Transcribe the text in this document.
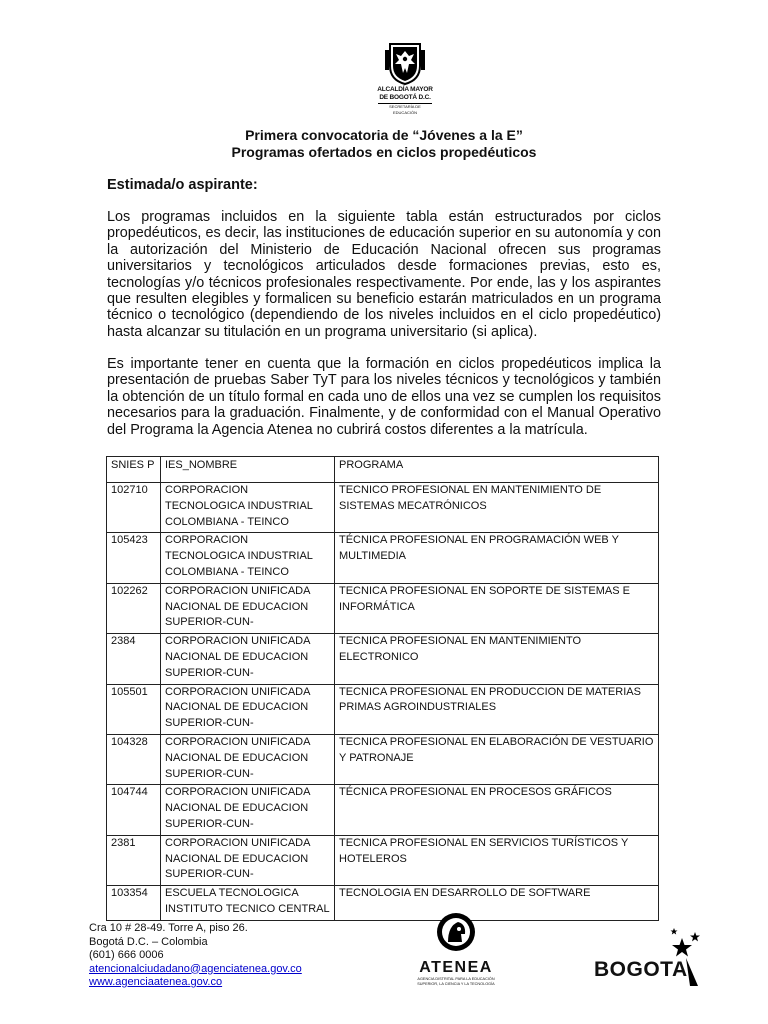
ALCALDÍA MAYOR
DE BOGOTÁ D.C.
SECRETARÍA DE EDUCACIÓN
Primera convocatoria de “Jóvenes a la E”
Programas ofertados en ciclos propedéuticos
Estimada/o aspirante:

Los programas incluidos en la siguiente tabla están estructurados por ciclos propedéuticos, es decir, las instituciones de educación superior en su autonomía y con la autorización del Ministerio de Educación Nacional ofrecen sus programas universitarios y tecnológicos articulados desde formaciones previas, esto es, tecnologías y/o técnicos profesionales respectivamente. Por ende, las y los aspirantes que resulten elegibles y formalicen su beneficio estarán matriculados en un programa técnico o tecnológico (dependiendo de los niveles incluidos en el ciclo propedéutico) hasta alcanzar su titulación en un programa universitario (si aplica).

Es importante tener en cuenta que la formación en ciclos propedéuticos implica la presentación de pruebas Saber TyT para los niveles técnicos y tecnológicos y también la obtención de un título formal en cada uno de ellos una vez se cumplen los requisitos necesarios para la graduación. Finalmente, y de conformidad con el Manual Operativo del Programa la Agencia Atenea no cubrirá costos diferentes a la matrícula.

SNIES P	IES_NOMBRE	PROGRAMA
102710	CORPORACION TECNOLOGICA INDUSTRIAL COLOMBIANA - TEINCO	TECNICO PROFESIONAL EN MANTENIMIENTO DE SISTEMAS MECATRÓNICOS
105423	CORPORACION TECNOLOGICA INDUSTRIAL COLOMBIANA - TEINCO	TÉCNICA PROFESIONAL EN PROGRAMACIÓN WEB Y MULTIMEDIA
102262	CORPORACION UNIFICADA NACIONAL DE EDUCACION SUPERIOR-CUN-	TECNICA PROFESIONAL EN SOPORTE DE SISTEMAS E INFORMÁTICA
2384	CORPORACION UNIFICADA NACIONAL DE EDUCACION SUPERIOR-CUN-	TECNICA PROFESIONAL EN MANTENIMIENTO ELECTRONICO
105501	CORPORACION UNIFICADA NACIONAL DE EDUCACION SUPERIOR-CUN-	TECNICA PROFESIONAL EN PRODUCCION DE MATERIAS PRIMAS AGROINDUSTRIALES
104328	CORPORACION UNIFICADA NACIONAL DE EDUCACION SUPERIOR-CUN-	TECNICA PROFESIONAL EN ELABORACIÓN DE VESTUARIO Y PATRONAJE
104744	CORPORACION UNIFICADA NACIONAL DE EDUCACION SUPERIOR-CUN-	TÉCNICA PROFESIONAL EN PROCESOS GRÁFICOS
2381	CORPORACION UNIFICADA NACIONAL DE EDUCACION SUPERIOR-CUN-	TECNICA PROFESIONAL EN SERVICIOS TURÍSTICOS Y HOTELEROS
103354	ESCUELA TECNOLOGICA INSTITUTO TECNICO CENTRAL	TECNOLOGIA EN DESARROLLO DE SOFTWARE
Cra 10 # 28-49. Torre A, piso 26.
Bogotá D.C. – Colombia
(601) 666 0006
atencionalciudadano@agenciatenea.gov.co
www.agenciaatenea.gov.co
ATENEA
AGENCIA DISTRITAL PARA LA EDUCACIÓN
SUPERIOR, LA CIENCIA Y LA TECNOLOGÍA
BOGOTA
